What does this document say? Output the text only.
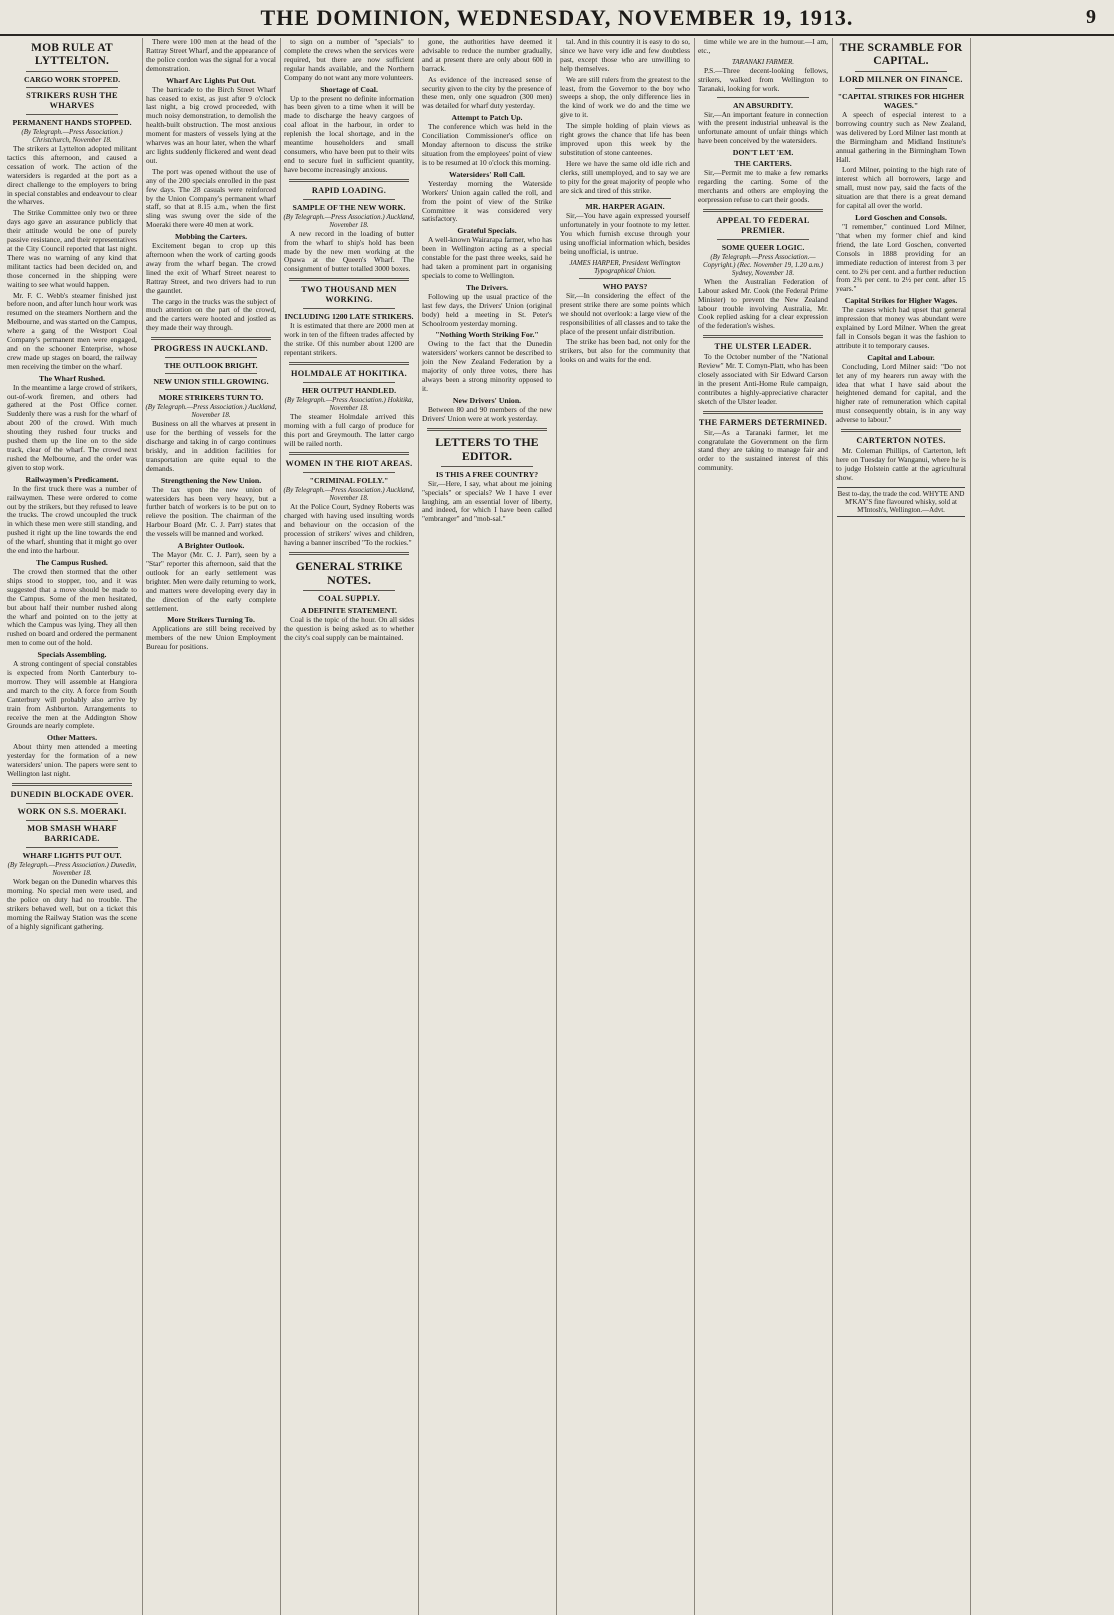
THE DOMINION, WEDNESDAY, NOVEMBER 19, 1913.	9
MOB RULE AT LYTTELTON.
CARGO WORK STOPPED.
STRIKERS RUSH THE WHARVES
PERMANENT HANDS STOPPED.
(By Telegraph.—Press Association.) Christchurch, November 18.

The strikers at Lyttelton adopted militant tactics this afternoon, and caused a cessation of work. The action of the watersiders is regarded at the port as a direct challenge to the employers to bring in special constables and endeavour to clear the wharves.

The Strike Committee only two or three days ago gave an assurance publicly that their attitude would be one of purely passive resistance, and their representatives at the City Council reported that last night. There was no warning of any kind that militant tactics had been decided on, and those concerned in the shipping were waiting to see what would happen.

Mr. F. C. Webb's steamer finished just before noon, and after lunch hour work was resumed on the steamers Northern and the Melbourne, and was started on the Campus, where a gang of the Westport Coal Company's permanent men were engaged, and on the schooner Enterprise, whose crew made up stages on board, the railway men receiving the timber on the wharf.

The Wharf Rushed.

In the meantime a large crowd of strikers, out-of-work firemen, and others had gathered at the Post Office corner. Suddenly there was a rush for the wharf of about 200 of the crowd. With much shouting they rushed four trucks and pushed them up the line on to the side track, clear of the wharf. The crowd next rushed the Melbourne, and the order was given to stop work.

Railwaymen's Predicament.

In the first truck there was a number of railwaymen. These were ordered to come out by the strikers, but they refused to leave the trucks. The crowd uncoupled the truck in which these men were still standing, and pushed it right up the line towards the end of the wharf, shunting that it might go over the end into the harbour.

The Campus Rushed.

The crowd then stormed that the other ships stood to stopper, too, and it was suggested that a move should be made to the Campus. Some of the men hesitated, but about half their number rushed along the wharf and pointed on to the jetty at which the Campus was lying. They all then rushed on board and ordered the permanent men to come out of the hold.

Specials Assembling.

A strong contingent of special constables is expected from North Canterbury to-morrow. They will assemble at Hangiora and march to the city. A force from South Canterbury will probably also arrive by train from Ashburton. Arrangements to receive the men at the Addington Show Grounds are nearly complete.

Other Matters.

About thirty men attended a meeting yesterday for the formation of a new watersiders' union. The papers were sent to Wellington last night.

DUNEDIN BLOCKADE OVER.
WORK ON S.S. MOERAKI.
MOB SMASH WHARF BARRICADE.
WHARF LIGHTS PUT OUT.
(By Telegraph.—Press Association.) Dunedin, November 18.

Work began on the Dunedin wharves this morning. No special men were used, and the police on duty had no trouble. The strikers behaved well, but on a ticket this morning the Railway Station was the scene of a highly significant gathering.

There were 100 men at the head of the Rattray Street Wharf, and the appearance of the police cordon was the signal for a vocal demonstration.

Wharf Arc Lights Put Out.

The barricade to the Birch Street Wharf has ceased to exist, as just after 9 o'clock last night, a big crowd proceeded, with much noisy demonstration, to demolish the health-built obstruction. The most anxious moment for masters of vessels lying at the wharves was an hour later, when the wharf arc lights suddenly flickered and went dead out.

The port was opened without the use of any of the 200 specials enrolled in the past few days. The 28 casuals were reinforced by the Union Company's permanent wharf staff, so that at 8.15 a.m., when the first sling was swung over the side of the Moeraki there were 40 men at work.

Mobbing the Carters.

Excitement began to crop up this afternoon when the work of carting goods away from the wharf began. The crowd lined the exit of Wharf Street nearest to Rattray Street, and two drivers had to run the gauntlet.

The cargo in the trucks was the subject of much attention on the part of the crowd, and the carters were hooted and jostled as they made their way through.

PROGRESS IN AUCKLAND.
THE OUTLOOK BRIGHT.
NEW UNION STILL GROWING.
MORE STRIKERS TURN TO.
(By Telegraph.—Press Association.) Auckland, November 18.

Business on all the wharves at present in use for the berthing of vessels for the discharge and taking in of cargo continues briskly, and in addition facilities for transportation are quite equal to the demands.

Strengthening the New Union.

The tax upon the new union of watersiders has been very heavy, but a further batch of workers is to be put on to relieve the position. The chairman of the Harbour Board (Mr. C. J. Parr) states that the vessels will be manned and worked.

A Brighter Outlook.

The Mayor (Mr. C. J. Parr), seen by a "Star" reporter this afternoon, said that the outlook for an early settlement was brighter. Men were daily returning to work, and matters were developing every day in the direction of the early complete settlement.

More Strikers Turning To.

Applications are still being received by members of the new Union Employment Bureau for positions.

to sign on a number of "specials" to complete the crews when the services were required, but there are now sufficient regular hands available, and the Northern Company do not want any more volunteers.

Shortage of Coal.

Up to the present no definite information has been given to a time when it will be made to discharge the heavy cargoes of coal afloat in the harbour, in order to replenish the local shortage, and in the meantime householders and small consumers, who have been put to their wits end to secure fuel in sufficient quantity, have become increasingly anxious.

RAPID LOADING.
SAMPLE OF THE NEW WORK.
(By Telegraph.—Press Association.) Auckland, November 18.

A new record in the loading of butter from the wharf to ship's hold has been made by the new men working at the Opawa at the Queen's Wharf. The consignment of butter totalled 3000 boxes.

TWO THOUSAND MEN WORKING.
INCLUDING 1200 LATE STRIKERS.

It is estimated that there are 2000 men at work in ten of the fifteen trades affected by the strike. Of this number about 1200 are repentant strikers.

HOLMDALE AT HOKITIKA.
HER OUTPUT HANDLED.
(By Telegraph.—Press Association.) Hokitika, November 18.

The steamer Holmdale arrived this morning with a full cargo of produce for this port and Greymouth. The latter cargo will be railed north.

WOMEN IN THE RIOT AREAS.
"CRIMINAL FOLLY."
(By Telegraph.—Press Association.) Auckland, November 18.

At the Police Court, Sydney Roberts was charged with having used insulting words and behaviour on the occasion of the procession of strikers' wives and children, having a banner inscribed "To the rockies."

GENERAL STRIKE NOTES.
COAL SUPPLY.
A DEFINITE STATEMENT.

Coal is the topic of the hour. On all sides the question is being asked as to whether the city's coal supply can be maintained.

gone, the authorities have deemed it advisable to reduce the number gradually, and at present there are only about 600 in barrack.

As evidence of the increased sense of security given to the city by the presence of these men, only one squadron (300 men) was detailed for wharf duty yesterday.

Attempt to Patch Up.

The conference which was held in the Conciliation Commissioner's office on Monday afternoon to discuss the strike situation from the employees' point of view is to be resumed at 10 o'clock this morning.

Watersiders' Roll Call.

Yesterday morning the Waterside Workers' Union again called the roll, and from the point of view of the Strike Committee it was considered very satisfactory.

Grateful Specials.

A well-known Wairarapa farmer, who has been in Wellington acting as a special constable for the past three weeks, said he had taken a prominent part in organising specials to come to Wellington.

The Drivers.

Following up the usual practice of the last few days, the Drivers' Union (original body) held a meeting in St. Peter's Schoolroom yesterday morning.

"Nothing Worth Striking For."

Owing to the fact that the Dunedin watersiders' workers cannot be described to join the New Zealand Federation by a majority of only three votes, there has always been a strong minority opposed to it.

New Drivers' Union.

Between 80 and 90 members of the new Drivers' Union were at work yesterday.

LETTERS TO THE EDITOR.
IS THIS A FREE COUNTRY?

Sir,—Here, I say, what about me joining "specials" or specials? We I have I ever laughing, am an essential lover of liberty, and indeed, for which I have been called "embranger" and "mob-sal."

tal. And in this country it is easy to do so, since we have very idle and few doubtless past, except those who are unwilling to help themselves.

We are still rulers from the greatest to the least, from the Governor to the boy who sweeps a shop, the only difference lies in the kind of work we do and the time we give to it.

The simple holding of plain views as right grows the chance that life has been improved upon this week by the substitution of stone canteenes.

Here we have the same old idle rich and clerks, still unemployed, and to say we are to pity for the great majority of people who are sick and tired of this strike.

MR. HARPER AGAIN.

Sir,—You have again expressed yourself unfortunately in your footnote to my letter. You which furnish excuse through your using unofficial information which, besides being unofficial, is untrue.

JAMES HARPER, President Wellington Typographical Union.
WHO PAYS?

Sir,—In considering the effect of the present strike there are some points which we should not overlook: a large view of the responsibilities of all classes and to take the place of the present unfair distribution.

The strike has been bad, not only for the strikers, but also for the community that looks on and waits for the end.

time while we are in the humour.—I am, etc.,

TARANAKI FARMER.

P.S.—Three decent-looking fellows, strikers, walked from Wellington to Taranaki, looking for work.

AN ABSURDITY.

Sir,—An important feature in connection with the present industrial unheaval is the unfortunate amount of unfair things which have been conceived by the watersiders.

DON'T LET 'EM.
THE CARTERS.

Sir,—Permit me to make a few remarks regarding the carting. Some of the merchants and others are employing the eorpression refuse to cart their goods.

APPEAL TO FEDERAL PREMIER.
SOME QUEER LOGIC.
(By Telegraph.—Press Association.—Copyright.) (Rec. November 19, 1.20 a.m.) Sydney, November 18.

When the Australian Federation of Labour asked Mr. Cook (the Federal Prime Minister) to prevent the New Zealand labour trouble involving Australia, Mr. Cook replied asking for a clear expression of the federation's wishes.

THE ULSTER LEADER.

To the October number of the "National Review" Mr. T. Comyn-Platt, who has been closely associated with Sir Edward Carson in the present Anti-Home Rule campaign, contributes a highly-appreciative character sketch of the Ulster leader.

THE FARMERS DETERMINED.

Sir,—As a Taranaki farmer, let me congratulate the Government on the firm stand they are taking to manage fair and order to the sustained interest of this community.

THE SCRAMBLE FOR CAPITAL.
LORD MILNER ON FINANCE.
"CAPITAL STRIKES FOR HIGHER WAGES."

A speech of especial interest to a borrowing country such as New Zealand, was delivered by Lord Milner last month at the Birmingham and Midland Institute's annual gathering in the Birmingham Town Hall.

Lord Milner, pointing to the high rate of interest which all borrowers, large and small, must now pay, said the facts of the situation are that there is a great demand for capital all over the world.

Lord Goschen and Consols.

"I remember," continued Lord Milner, "that when my former chief and kind friend, the late Lord Goschen, converted Consols in 1888 providing for an immediate reduction of interest from 3 per cent. to 2¾ per cent. and a further reduction from 2¾ per cent. to 2½ per cent. after 15 years."

Capital Strikes for Higher Wages.

The causes which had upset that general impression that money was abundant were explained by Lord Milner. When the great fall in Consols began it was the fashion to attribute it to temporary causes.

Capital and Labour.

Concluding, Lord Milner said: "Do not let any of my hearers run away with the idea that what I have said about the heightened demand for capital, and the higher rate of remuneration which capital must consequently obtain, is in any way adverse to labour."

CARTERTON NOTES.

Mr. Coleman Phillips, of Carterton, left here on Tuesday for Wanganui, where he is to judge Holstein cattle at the agricultural show.

Best to-day, the trade the cod. WHYTE AND M'KAY'S fine flavoured whisky, sold at M'Intosh's, Wellington.—Advt.
